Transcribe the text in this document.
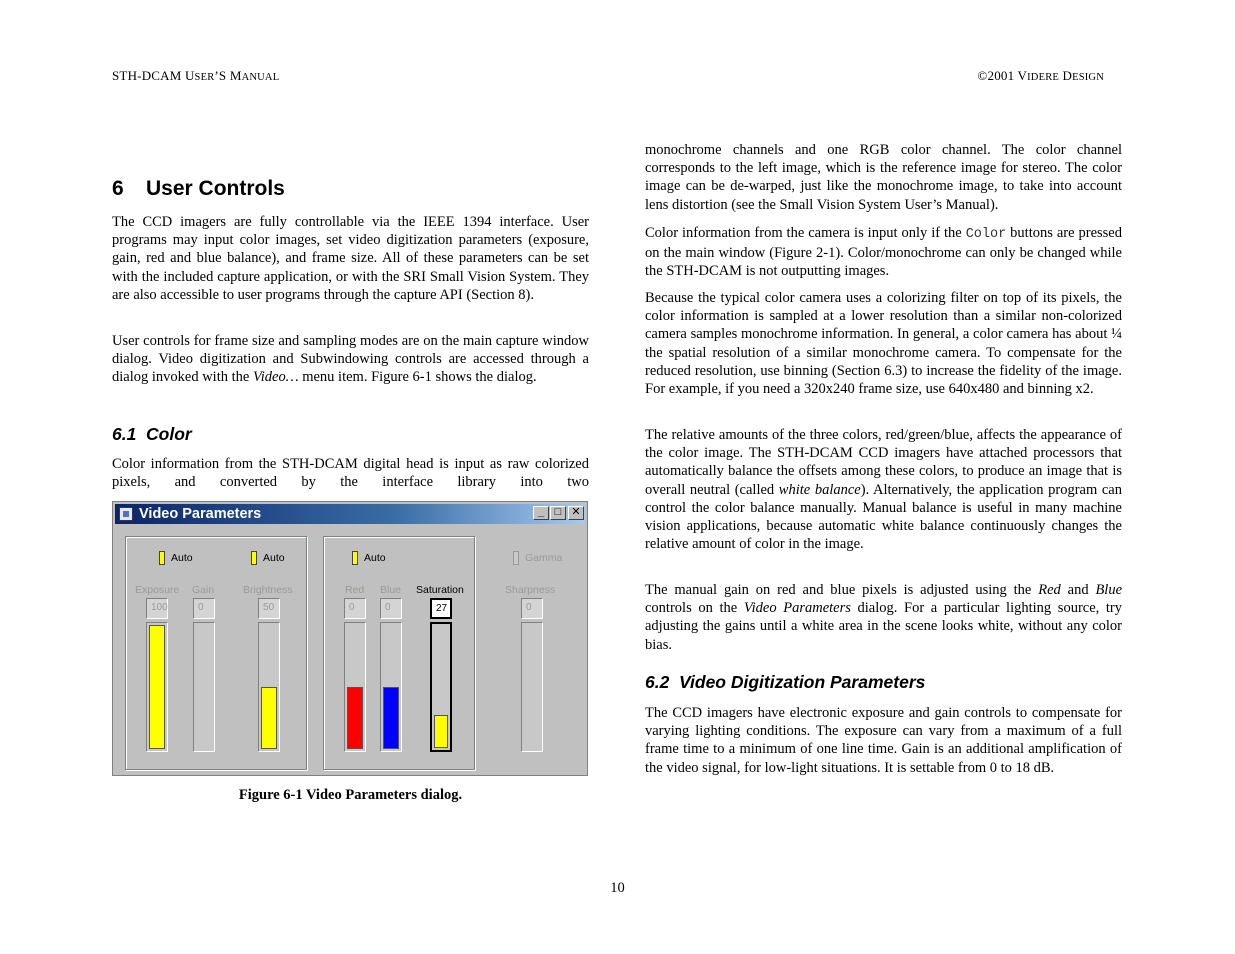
STH-DCAM USER’S MANUAL	©2001 VIDERE DESIGN
6 User Controls

The CCD imagers are fully controllable via the IEEE 1394 interface. User programs may input color images, set video digitization parameters (exposure, gain, red and blue balance), and frame size. All of these parameters can be set with the included capture application, or with the SRI Small Vision System. They are also accessible to user programs through the capture API (Section 8).

User controls for frame size and sampling modes are on the main capture window dialog. Video digitization and Subwindowing controls are accessed through a dialog invoked with the Video… menu item. Figure 6-1 shows the dialog.

6.1 Color

Color information from the STH-DCAM digital head is input as raw colorized pixels, and converted by the interface library into two

Video Parameters	_ □ ✕
Auto	Auto	Auto	Gamma
Exposure Gain	Brightness	Red Blue Saturation	Sharpness
100	0	50	0	0	27	0
Figure 6-1 Video Parameters dialog.

monochrome channels and one RGB color channel. The color channel corresponds to the left image, which is the reference image for stereo. The color image can be de-warped, just like the monochrome image, to take into account lens distortion (see the Small Vision System User’s Manual).

Color information from the camera is input only if the Color buttons are pressed on the main window (Figure 2-1). Color/monochrome can only be changed while the STH-DCAM is not outputting images.

Because the typical color camera uses a colorizing filter on top of its pixels, the color information is sampled at a lower resolution than a similar non-colorized camera samples monochrome information. In general, a color camera has about ¼ the spatial resolution of a similar monochrome camera. To compensate for the reduced resolution, use binning (Section 6.3) to increase the fidelity of the image. For example, if you need a 320x240 frame size, use 640x480 and binning x2.

The relative amounts of the three colors, red/green/blue, affects the appearance of the color image. The STH-DCAM CCD imagers have attached processors that automatically balance the offsets among these colors, to produce an image that is overall neutral (called white balance). Alternatively, the application program can control the color balance manually. Manual balance is useful in many machine vision applications, because automatic white balance continuously changes the relative amount of color in the image.

The manual gain on red and blue pixels is adjusted using the Red and Blue controls on the Video Parameters dialog. For a particular lighting source, try adjusting the gains until a white area in the scene looks white, without any color bias.

6.2 Video Digitization Parameters

The CCD imagers have electronic exposure and gain controls to compensate for varying lighting conditions. The exposure can vary from a maximum of a full frame time to a minimum of one line time. Gain is an additional amplification of the video signal, for low-light situations. It is settable from 0 to 18 dB.

10
